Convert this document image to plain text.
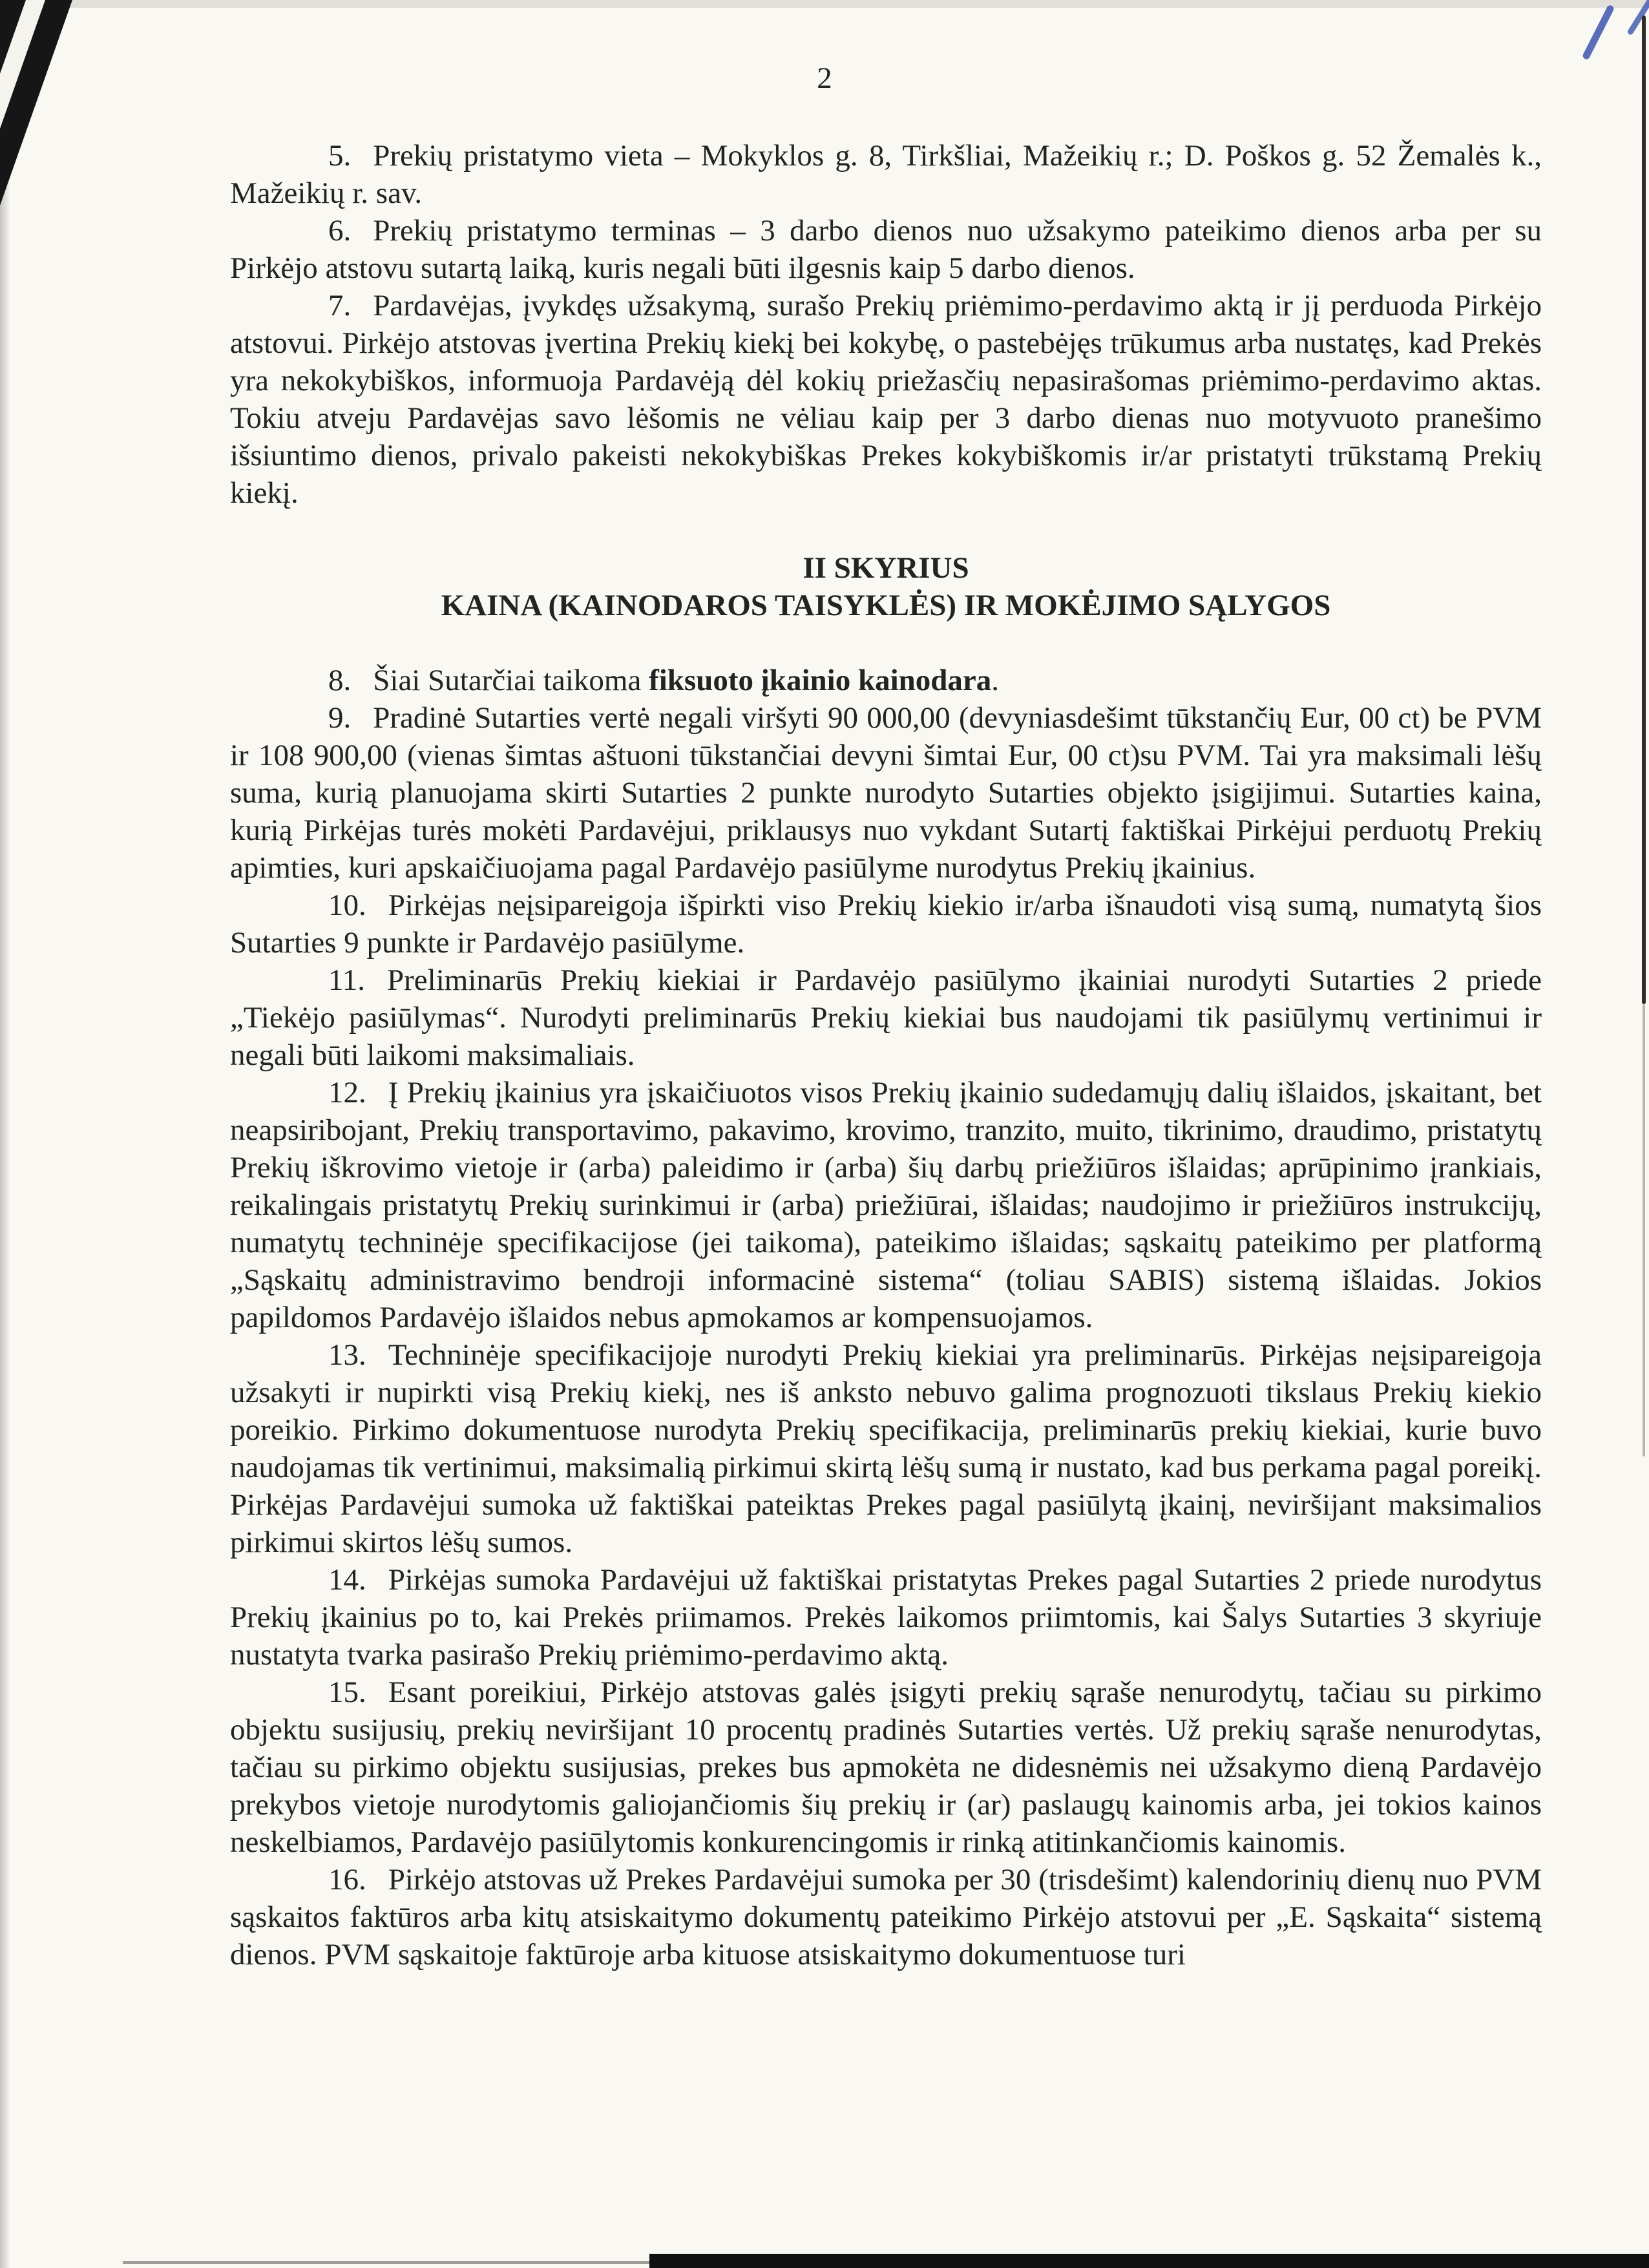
2

5. Prekių pristatymo vieta – Mokyklos g. 8, Tirkšliai, Mažeikių r.; D. Poškos g. 52 Žemalės k., Mažeikių r. sav.

6. Prekių pristatymo terminas – 3 darbo dienos nuo užsakymo pateikimo dienos arba per su Pirkėjo atstovu sutartą laiką, kuris negali būti ilgesnis kaip 5 darbo dienos.

7. Pardavėjas, įvykdęs užsakymą, surašo Prekių priėmimo-perdavimo aktą ir jį perduoda Pirkėjo atstovui. Pirkėjo atstovas įvertina Prekių kiekį bei kokybę, o pastebėjęs trūkumus arba nustatęs, kad Prekės yra nekokybiškos, informuoja Pardavėją dėl kokių priežasčių nepasirašomas priėmimo-perdavimo aktas. Tokiu atveju Pardavėjas savo lėšomis ne vėliau kaip per 3 darbo dienas nuo motyvuoto pranešimo išsiuntimo dienos, privalo pakeisti nekokybiškas Prekes kokybiškomis ir/ar pristatyti trūkstamą Prekių kiekį.

II SKYRIUS
KAINA (KAINODAROS TAISYKLĖS) IR MOKĖJIMO SĄLYGOS

8. Šiai Sutarčiai taikoma fiksuoto įkainio kainodara.

9. Pradinė Sutarties vertė negali viršyti 90 000,00 (devyniasdešimt tūkstančių Eur, 00 ct) be PVM ir 108 900,00 (vienas šimtas aštuoni tūkstančiai devyni šimtai Eur, 00 ct)su PVM. Tai yra maksimali lėšų suma, kurią planuojama skirti Sutarties 2 punkte nurodyto Sutarties objekto įsigijimui. Sutarties kaina, kurią Pirkėjas turės mokėti Pardavėjui, priklausys nuo vykdant Sutartį faktiškai Pirkėjui perduotų Prekių apimties, kuri apskaičiuojama pagal Pardavėjo pasiūlyme nurodytus Prekių įkainius.

10. Pirkėjas neįsipareigoja išpirkti viso Prekių kiekio ir/arba išnaudoti visą sumą, numatytą šios Sutarties 9 punkte ir Pardavėjo pasiūlyme.

11. Preliminarūs Prekių kiekiai ir Pardavėjo pasiūlymo įkainiai nurodyti Sutarties 2 priede „Tiekėjo pasiūlymas“. Nurodyti preliminarūs Prekių kiekiai bus naudojami tik pasiūlymų vertinimui ir negali būti laikomi maksimaliais.

12. Į Prekių įkainius yra įskaičiuotos visos Prekių įkainio sudedamųjų dalių išlaidos, įskaitant, bet neapsiribojant, Prekių transportavimo, pakavimo, krovimo, tranzito, muito, tikrinimo, draudimo, pristatytų Prekių iškrovimo vietoje ir (arba) paleidimo ir (arba) šių darbų priežiūros išlaidas; aprūpinimo įrankiais, reikalingais pristatytų Prekių surinkimui ir (arba) priežiūrai, išlaidas; naudojimo ir priežiūros instrukcijų, numatytų techninėje specifikacijose (jei taikoma), pateikimo išlaidas; sąskaitų pateikimo per platformą „Sąskaitų administravimo bendroji informacinė sistema“ (toliau SABIS) sistemą išlaidas. Jokios papildomos Pardavėjo išlaidos nebus apmokamos ar kompensuojamos.

13. Techninėje specifikacijoje nurodyti Prekių kiekiai yra preliminarūs. Pirkėjas neįsipareigoja užsakyti ir nupirkti visą Prekių kiekį, nes iš anksto nebuvo galima prognozuoti tikslaus Prekių kiekio poreikio. Pirkimo dokumentuose nurodyta Prekių specifikacija, preliminarūs prekių kiekiai, kurie buvo naudojamas tik vertinimui, maksimalią pirkimui skirtą lėšų sumą ir nustato, kad bus perkama pagal poreikį. Pirkėjas Pardavėjui sumoka už faktiškai pateiktas Prekes pagal pasiūlytą įkainį, neviršijant maksimalios pirkimui skirtos lėšų sumos.

14. Pirkėjas sumoka Pardavėjui už faktiškai pristatytas Prekes pagal Sutarties 2 priede nurodytus Prekių įkainius po to, kai Prekės priimamos. Prekės laikomos priimtomis, kai Šalys Sutarties 3 skyriuje nustatyta tvarka pasirašo Prekių priėmimo-perdavimo aktą.

15. Esant poreikiui, Pirkėjo atstovas galės įsigyti prekių sąraše nenurodytų, tačiau su pirkimo objektu susijusių, prekių neviršijant 10 procentų pradinės Sutarties vertės. Už prekių sąraše nenurodytas, tačiau su pirkimo objektu susijusias, prekes bus apmokėta ne didesnėmis nei užsakymo dieną Pardavėjo prekybos vietoje nurodytomis galiojančiomis šių prekių ir (ar) paslaugų kainomis arba, jei tokios kainos neskelbiamos, Pardavėjo pasiūlytomis konkurencingomis ir rinką atitinkančiomis kainomis.

16. Pirkėjo atstovas už Prekes Pardavėjui sumoka per 30 (trisdešimt) kalendorinių dienų nuo PVM sąskaitos faktūros arba kitų atsiskaitymo dokumentų pateikimo Pirkėjo atstovui per „E. Sąskaita“ sistemą dienos. PVM sąskaitoje faktūroje arba kituose atsiskaitymo dokumentuose turi
